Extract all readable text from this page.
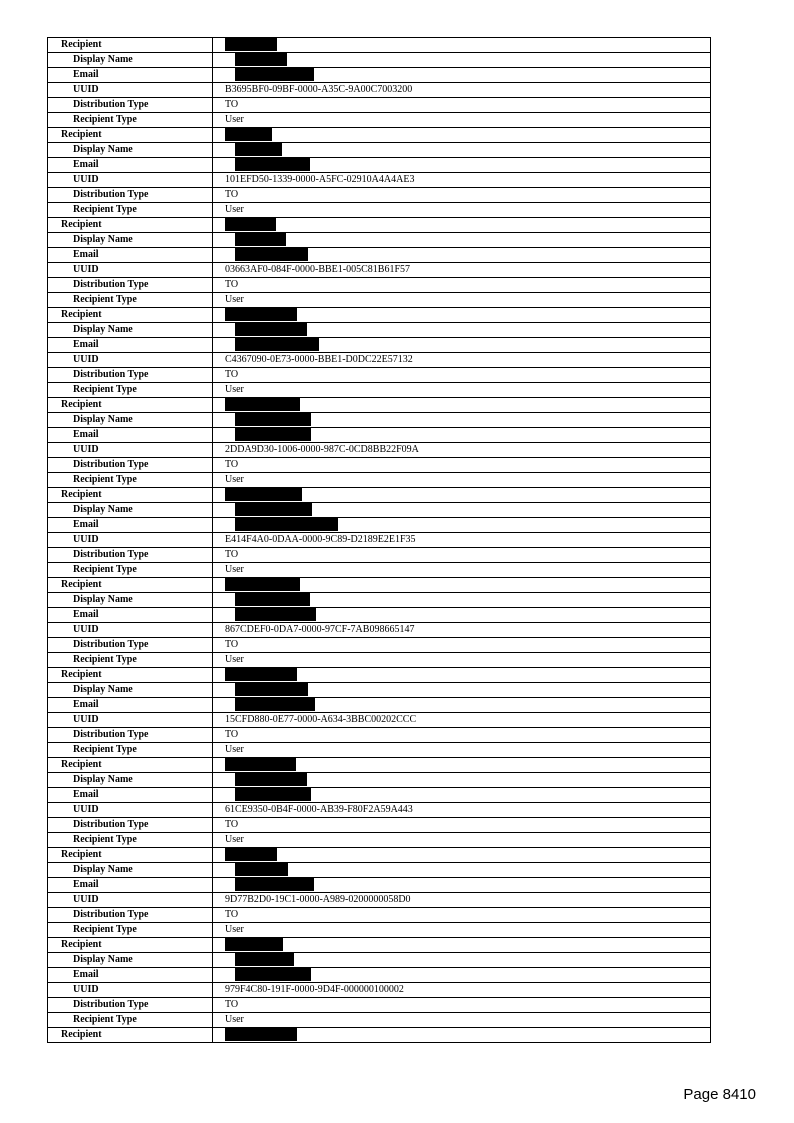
Recipient	
Display Name	
Email	
UUID	B3695BF0-09BF-0000-A35C-9A00C7003200
Distribution Type	TO
Recipient Type	User
Recipient	
Display Name	
Email	
UUID	101EFD50-1339-0000-A5FC-02910A4A4AE3
Distribution Type	TO
Recipient Type	User
Recipient	
Display Name	
Email	
UUID	03663AF0-084F-0000-BBE1-005C81B61F57
Distribution Type	TO
Recipient Type	User
Recipient	
Display Name	
Email	
UUID	C4367090-0E73-0000-BBE1-D0DC22E57132
Distribution Type	TO
Recipient Type	User
Recipient	
Display Name	
Email	
UUID	2DDA9D30-1006-0000-987C-0CD8BB22F09A
Distribution Type	TO
Recipient Type	User
Recipient	
Display Name	
Email	
UUID	E414F4A0-0DAA-0000-9C89-D2189E2E1F35
Distribution Type	TO
Recipient Type	User
Recipient	
Display Name	
Email	
UUID	867CDEF0-0DA7-0000-97CF-7AB098665147
Distribution Type	TO
Recipient Type	User
Recipient	
Display Name	
Email	
UUID	15CFD880-0E77-0000-A634-3BBC00202CCC
Distribution Type	TO
Recipient Type	User
Recipient	
Display Name	
Email	
UUID	61CE9350-0B4F-0000-AB39-F80F2A59A443
Distribution Type	TO
Recipient Type	User
Recipient	
Display Name	
Email	
UUID	9D77B2D0-19C1-0000-A989-0200000058D0
Distribution Type	TO
Recipient Type	User
Recipient	
Display Name	
Email	
UUID	979F4C80-191F-0000-9D4F-000000100002
Distribution Type	TO
Recipient Type	User
Recipient	
Page 8410
